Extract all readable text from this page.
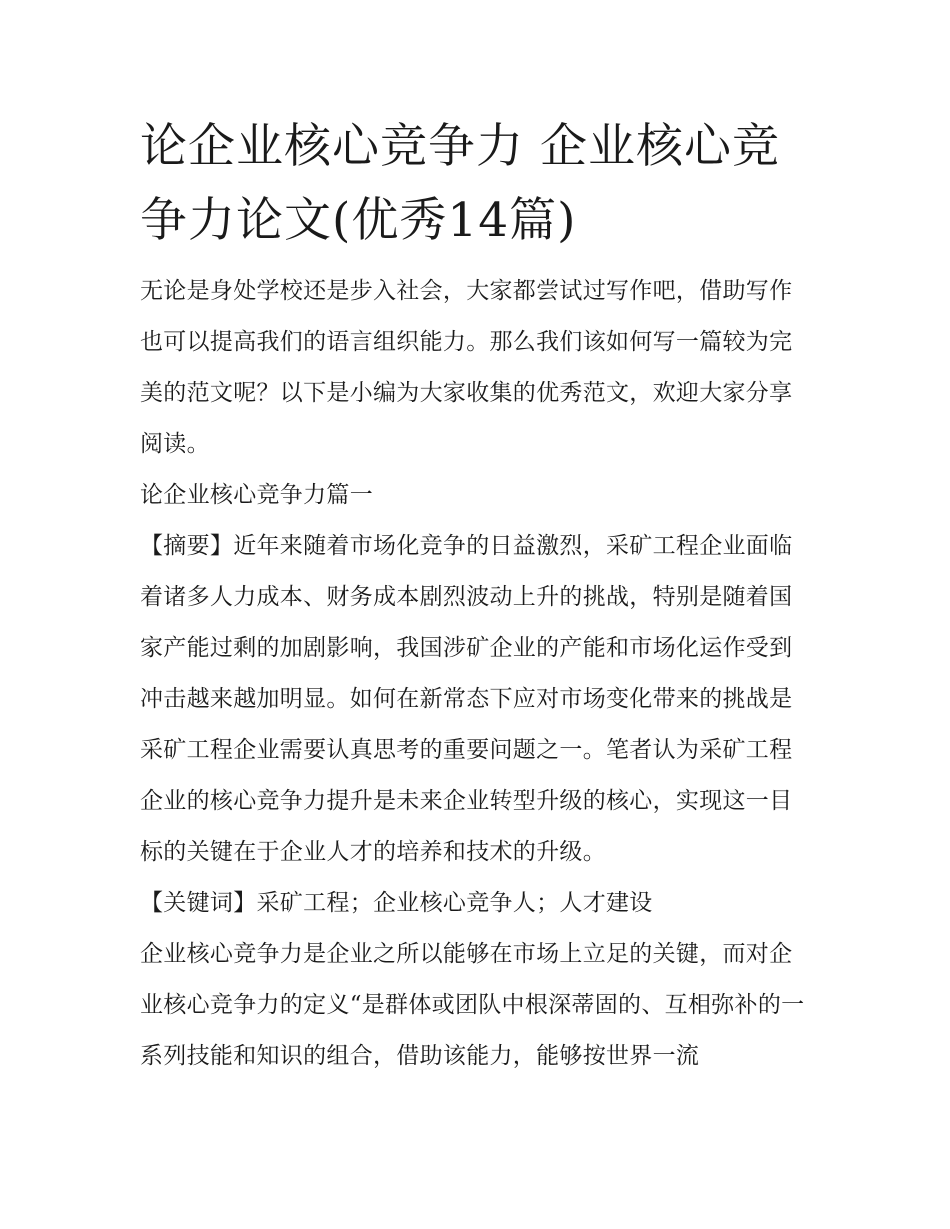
论企业核心竞争力 企业核心竞争力论文(优秀14篇)

无论是身处学校还是步入社会，大家都尝试过写作吧，借助写作也可以提高我们的语言组织能力。那么我们该如何写一篇较为完美的范文呢？以下是小编为大家收集的优秀范文，欢迎大家分享阅读。

论企业核心竞争力篇一

【摘要】近年来随着市场化竞争的日益激烈，采矿工程企业面临着诸多人力成本、财务成本剧烈波动上升的挑战，特别是随着国家产能过剩的加剧影响，我国涉矿企业的产能和市场化运作受到冲击越来越加明显。如何在新常态下应对市场变化带来的挑战是采矿工程企业需要认真思考的重要问题之一。笔者认为采矿工程企业的核心竞争力提升是未来企业转型升级的核心，实现这一目标的关键在于企业人才的培养和技术的升级。

【关键词】采矿工程；企业核心竞争人；人才建设

企业核心竞争力是企业之所以能够在市场上立足的关键，而对企业核心竞争力的定义“是群体或团队中根深蒂固的、互相弥补的一系列技能和知识的组合，借助该能力，能够按世界一流
